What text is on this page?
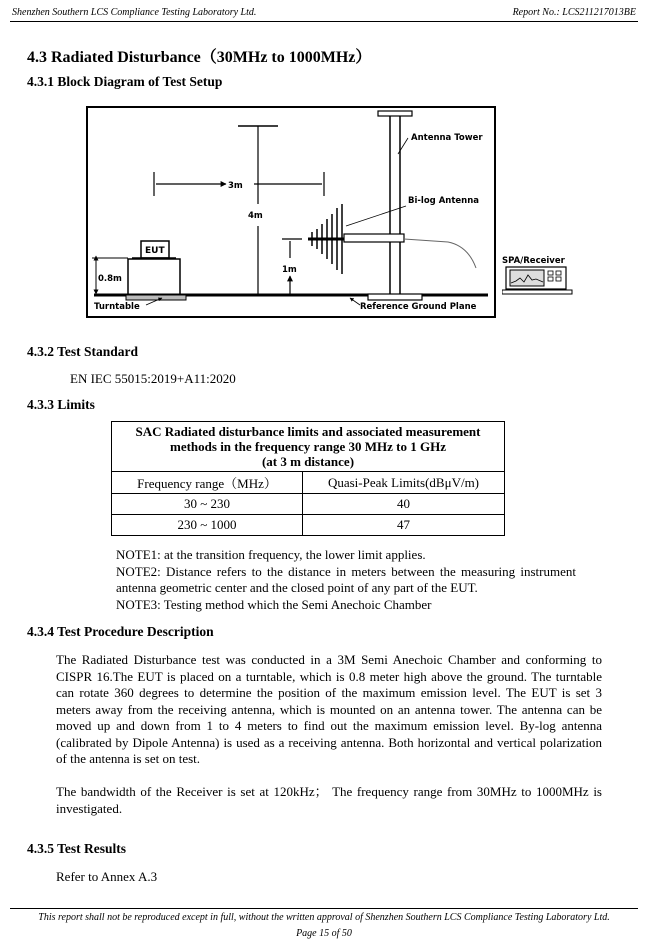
Shenzhen Southern LCS Compliance Testing Laboratory Ltd.	Report No.: LCS211217013BE
4.3 Radiated Disturbance（30MHz to 1000MHz）
4.3.1 Block Diagram of Test Setup
Antenna Tower
Bi-log Antenna
3m
4m
1m
0.8m
EUT
Turntable	Reference Ground Plane
SPA/Receiver
4.3.2 Test Standard
EN IEC 55015:2019+A11:2020
4.3.3 Limits
SAC Radiated disturbance limits and associated measurement
methods in the frequency range 30 MHz to 1 GHz
(at 3 m distance)	

Frequency range（MHz）	Quasi-Peak Limits(dBμV/m)
30 ~ 230	40
230 ~ 1000	47
NOTE1: at the transition frequency, the lower limit applies.
NOTE2: Distance refers to the distance in meters between the measuring instrument antenna geometric center and the closed point of any part of the EUT.
NOTE3: Testing method which the Semi Anechoic Chamber
4.3.4 Test Procedure Description
The Radiated Disturbance test was conducted in a 3M Semi Anechoic Chamber and conforming to CISPR 16.The EUT is placed on a turntable, which is 0.8 meter high above the ground. The turntable can rotate 360 degrees to determine the position of the maximum emission level. The EUT is set 3 meters away from the receiving antenna, which is mounted on an antenna tower. The antenna can be moved up and down from 1 to 4 meters to find out the maximum emission level. By-log antenna (calibrated by Dipole Antenna) is used as a receiving antenna. Both horizontal and vertical polarization of the antenna is set on test.
The bandwidth of the Receiver is set at 120kHz； The frequency range from 30MHz to 1000MHz is investigated.
4.3.5 Test Results
Refer to Annex A.3
This report shall not be reproduced except in full, without the written approval of Shenzhen Southern LCS Compliance Testing Laboratory Ltd.
Page 15 of 50
